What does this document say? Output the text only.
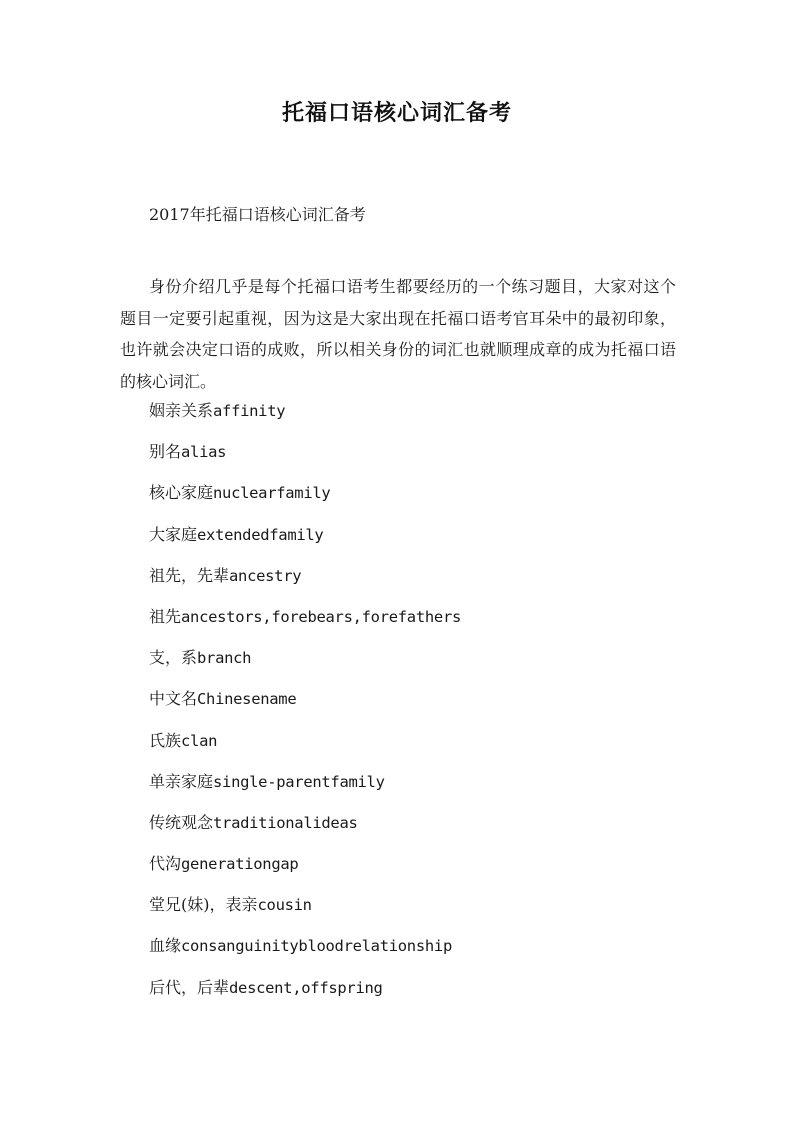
托福口语核心词汇备考
2017年托福口语核心词汇备考

身份介绍几乎是每个托福口语考生都要经历的一个练习题目，大家对这个题目一定要引起重视，因为这是大家出现在托福口语考官耳朵中的最初印象，也许就会决定口语的成败，所以相关身份的词汇也就顺理成章的成为托福口语的核心词汇。

姻亲关系affinity
别名alias
核心家庭nuclearfamily
大家庭extendedfamily
祖先，先辈ancestry
祖先ancestors,forebears,forefathers
支，系branch
中文名Chinesename
氏族clan
单亲家庭single-parentfamily
传统观念traditionalideas
代沟generationgap
堂兄(妹)，表亲cousin
血缘consanguinitybloodrelationship
后代，后辈descent,offspring
